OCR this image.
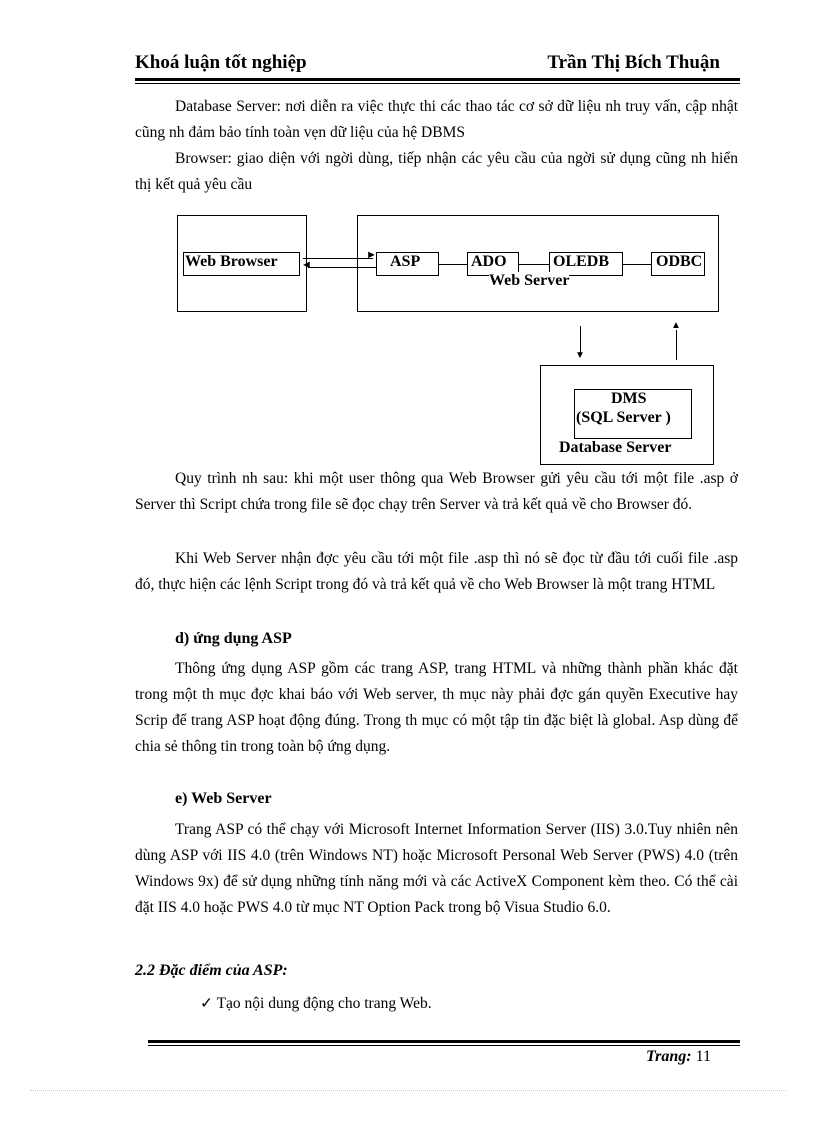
Khoá luận tốt nghiệp	Trần Thị Bích Thuận
Database Server: nơi diễn ra việc thực thi các thao tác cơ sở dữ liệu nh truy vấn, cập nhật cũng nh đảm bảo tính toàn vẹn dữ liệu của hệ DBMS
Browser: giao diện với ngời dùng, tiếp nhận các yêu cầu của ngời sử dụng cũng nh hiển thị kết quả yêu cầu
Web Browser	►
◄	ASP	ADO	OLEDB	ODBC
Web Server
▼
▲
DMS
(SQL Server )
Database Server
Quy trình nh sau: khi một user thông qua Web Browser gửi yêu cầu tới một file .asp ở Server thì Script chứa trong file sẽ đọc chạy trên Server và trả kết quả về cho Browser đó.
Khi Web Server nhận đợc yêu cầu tới một file .asp thì nó sẽ đọc từ đầu tới cuối file .asp đó, thực hiện các lệnh Script trong đó và trả kết quả về cho Web Browser là một trang HTML
d) ứng dụng ASP
Thông ứng dụng ASP gồm các trang ASP, trang HTML và những thành phần khác đặt trong một th mục đợc khai báo với Web server, th mục này phải đợc gán quyền Executive hay Scrip để trang ASP hoạt động đúng. Trong th mục có một tập tin đặc biệt là global. Asp dùng để chia sẻ thông tin trong toàn bộ ứng dụng.
e) Web Server
Trang ASP có thể chạy với Microsoft Internet Information Server (IIS) 3.0.Tuy nhiên nên dùng ASP với IIS 4.0 (trên Windows NT) hoặc Microsoft Personal Web Server (PWS) 4.0 (trên Windows 9x) để sử dụng những tính năng mới và các ActiveX Component kèm theo. Có thể cài đặt IIS 4.0 hoặc PWS 4.0 từ mục NT Option Pack trong bộ Visua Studio 6.0.
2.2 Đặc điểm của ASP:
✓ Tạo nội dung động cho trang Web.
Trang: 11
